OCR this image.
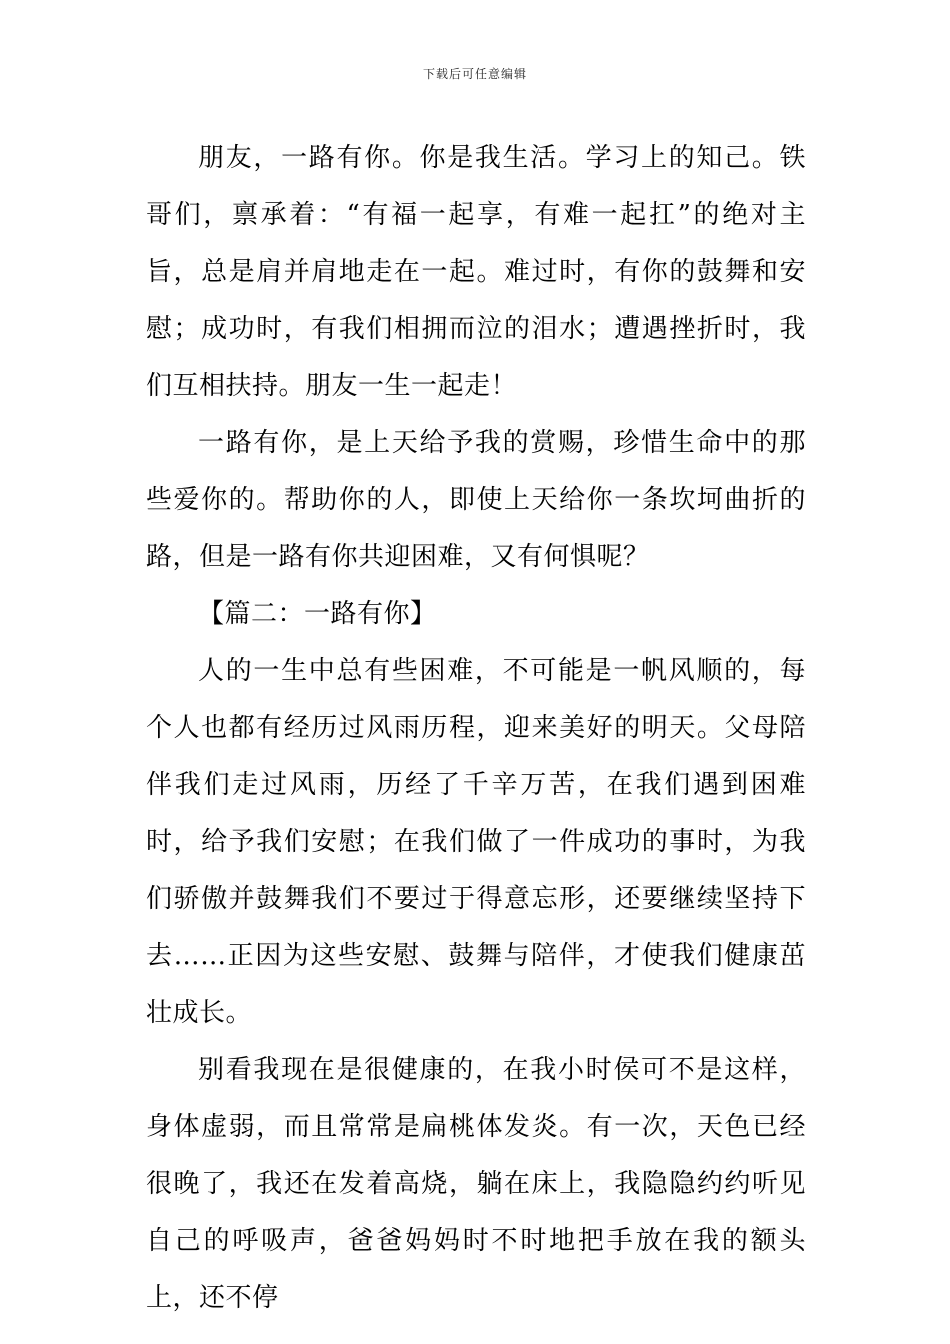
下载后可任意编辑

朋友，一路有你。你是我生活。学习上的知己。铁哥们，禀承着：“有福一起享，有难一起扛”的绝对主旨，总是肩并肩地走在一起。难过时，有你的鼓舞和安慰；成功时，有我们相拥而泣的泪水；遭遇挫折时，我们互相扶持。朋友一生一起走！

一路有你，是上天给予我的赏赐，珍惜生命中的那些爱你的。帮助你的人，即使上天给你一条坎坷曲折的路，但是一路有你共迎困难，又有何惧呢？

【篇二：一路有你】

人的一生中总有些困难，不可能是一帆风顺的，每个人也都有经历过风雨历程，迎来美好的明天。父母陪伴我们走过风雨，历经了千辛万苦，在我们遇到困难时，给予我们安慰；在我们做了一件成功的事时，为我们骄傲并鼓舞我们不要过于得意忘形，还要继续坚持下去……正因为这些安慰、鼓舞与陪伴，才使我们健康茁壮成长。

别看我现在是很健康的，在我小时侯可不是这样，身体虚弱，而且常常是扁桃体发炎。有一次，天色已经很晚了，我还在发着高烧，躺在床上，我隐隐约约听见自己的呼吸声，爸爸妈妈时不时地把手放在我的额头上，还不停
